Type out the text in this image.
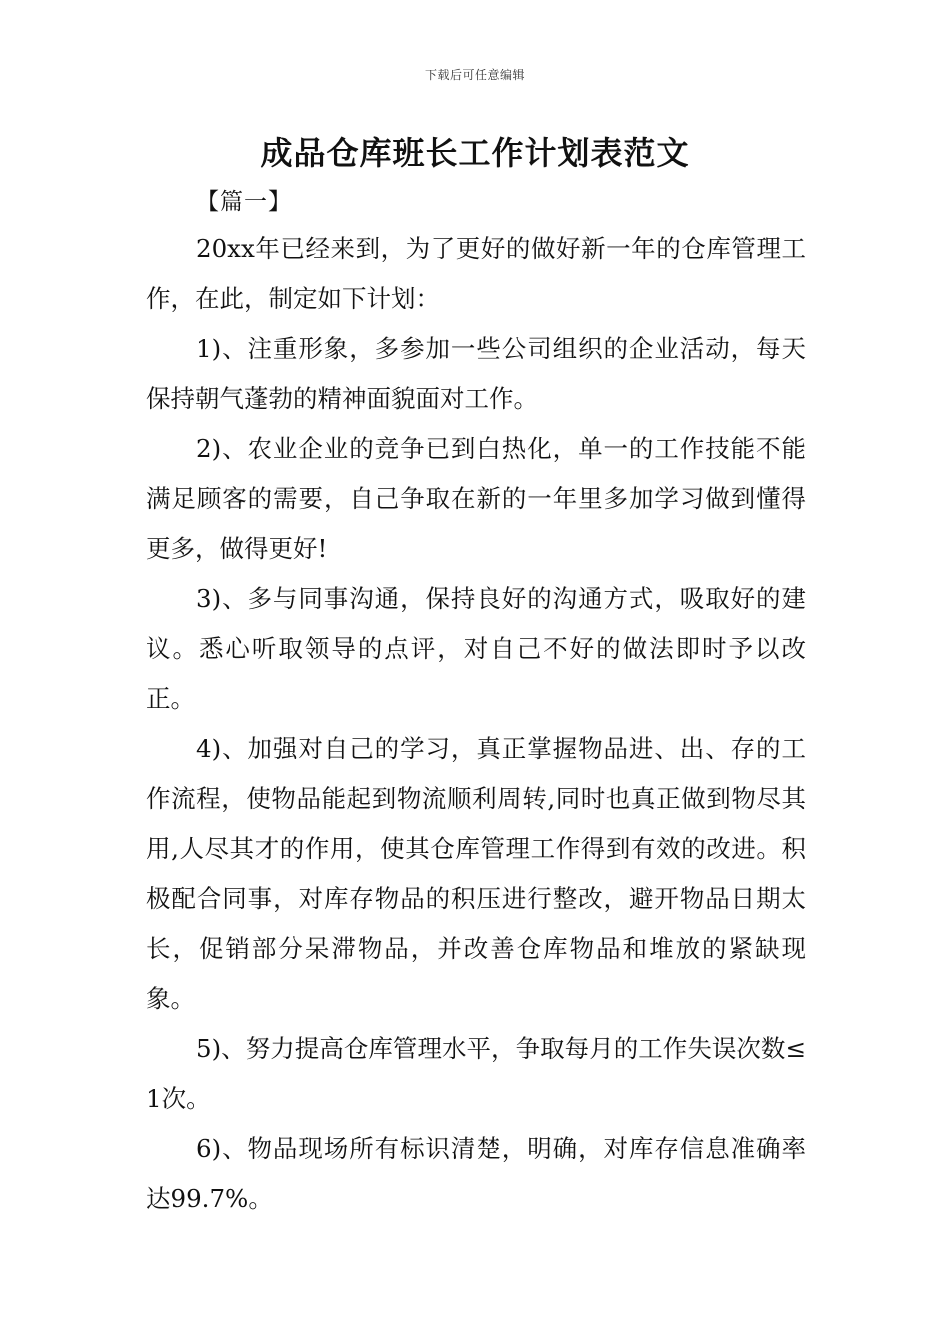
下载后可任意编辑
成品仓库班长工作计划表范文
【篇一】

20xx年已经来到，为了更好的做好新一年的仓库管理工作，在此，制定如下计划：

1)、注重形象，多参加一些公司组织的企业活动，每天保持朝气蓬勃的精神面貌面对工作。

2)、农业企业的竞争已到白热化，单一的工作技能不能满足顾客的需要，自己争取在新的一年里多加学习做到懂得更多，做得更好!

3)、多与同事沟通，保持良好的沟通方式，吸取好的建议。悉心听取领导的点评，对自己不好的做法即时予以改正。

4)、加强对自己的学习，真正掌握物品进、出、存的工作流程，使物品能起到物流顺利周转,同时也真正做到物尽其用,人尽其才的作用，使其仓库管理工作得到有效的改进。积极配合同事，对库存物品的积压进行整改，避开物品日期太长，促销部分呆滞物品，并改善仓库物品和堆放的紧缺现象。

5)、努力提高仓库管理水平，争取每月的工作失误次数≤1次。

6)、物品现场所有标识清楚，明确，对库存信息准确率达99.7%。
